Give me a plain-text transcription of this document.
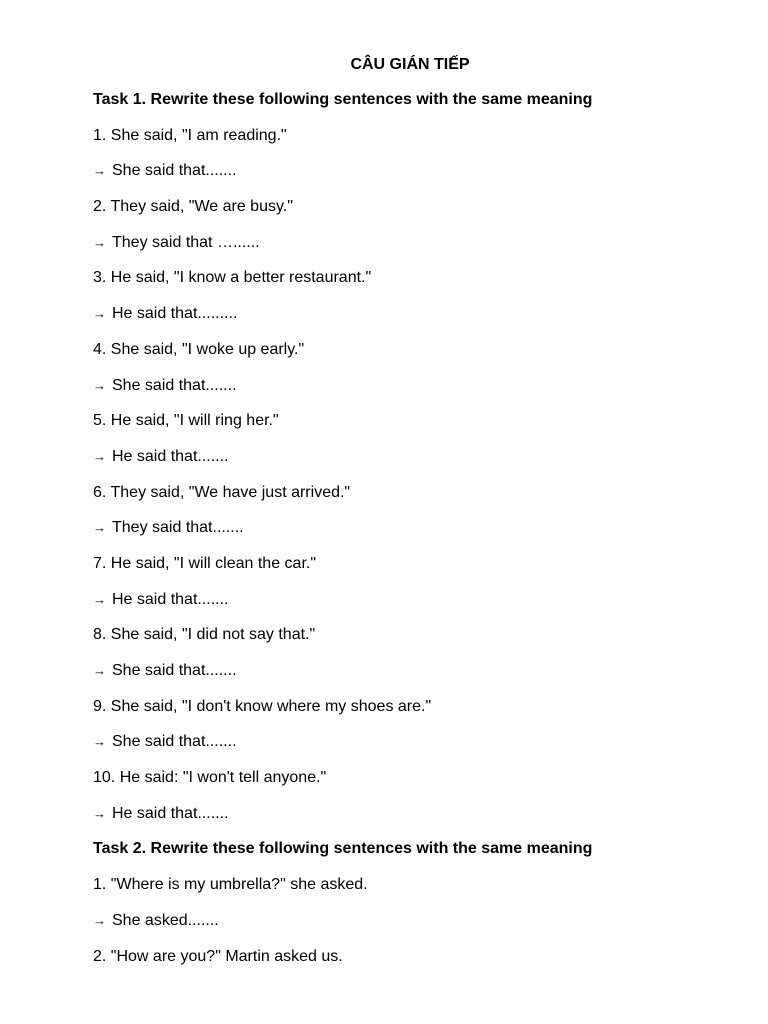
CÂU GIÁN TIẾP
Task 1. Rewrite these following sentences with the same meaning
1. She said, "I am reading."
→ She said that.......
2. They said, "We are busy."
→ They said that …......
3. He said, "I know a better restaurant."
→ He said that.........
4. She said, "I woke up early."
→ She said that.......
5. He said, "I will ring her."
→ He said that.......
6. They said, "We have just arrived."
→ They said that.......
7. He said, "I will clean the car."
→ He said that.......
8. She said, "I did not say that."
→ She said that.......
9. She said, "I don't know where my shoes are."
→ She said that.......
10. He said: "I won't tell anyone."
→ He said that.......
Task 2. Rewrite these following sentences with the same meaning
1. "Where is my umbrella?" she asked.
→ She asked.......
2. "How are you?" Martin asked us.
